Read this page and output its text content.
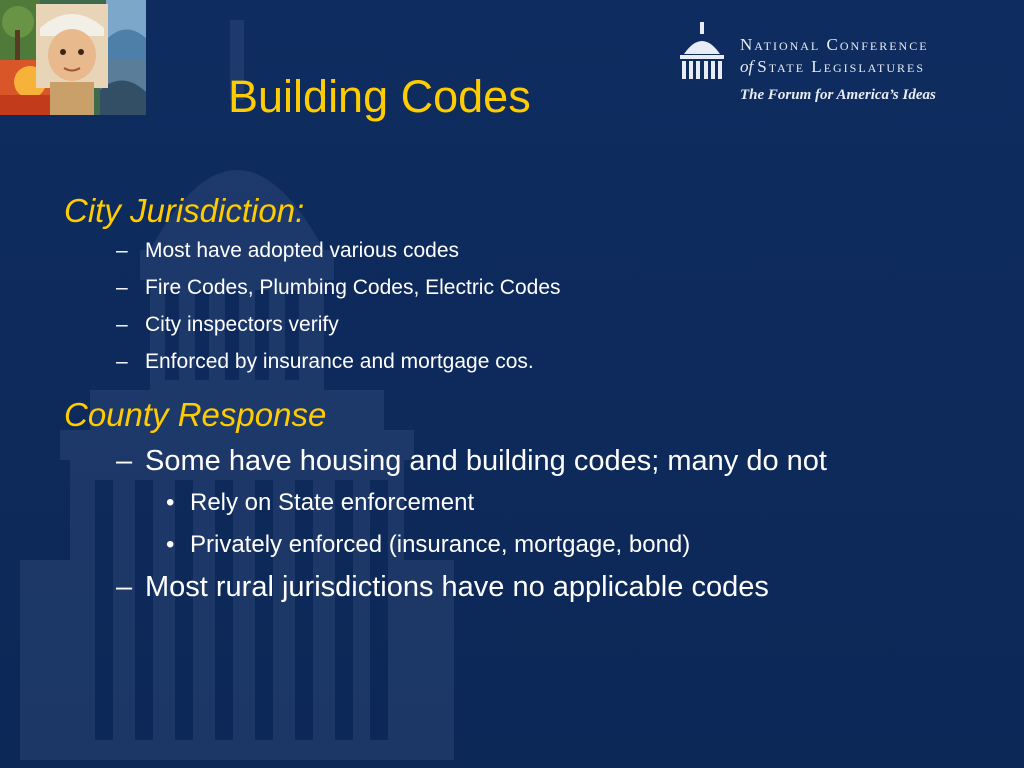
National Conference
of State Legislatures
The Forum for America’s Ideas
Building Codes
City Jurisdiction:
– Most have adopted various codes
– Fire Codes, Plumbing Codes, Electric Codes
– City inspectors verify
– Enforced by insurance and mortgage cos.
County Response
– Some have housing and building codes; many do not
• Rely on State enforcement
• Privately enforced (insurance, mortgage, bond)
– Most rural jurisdictions have no applicable codes
